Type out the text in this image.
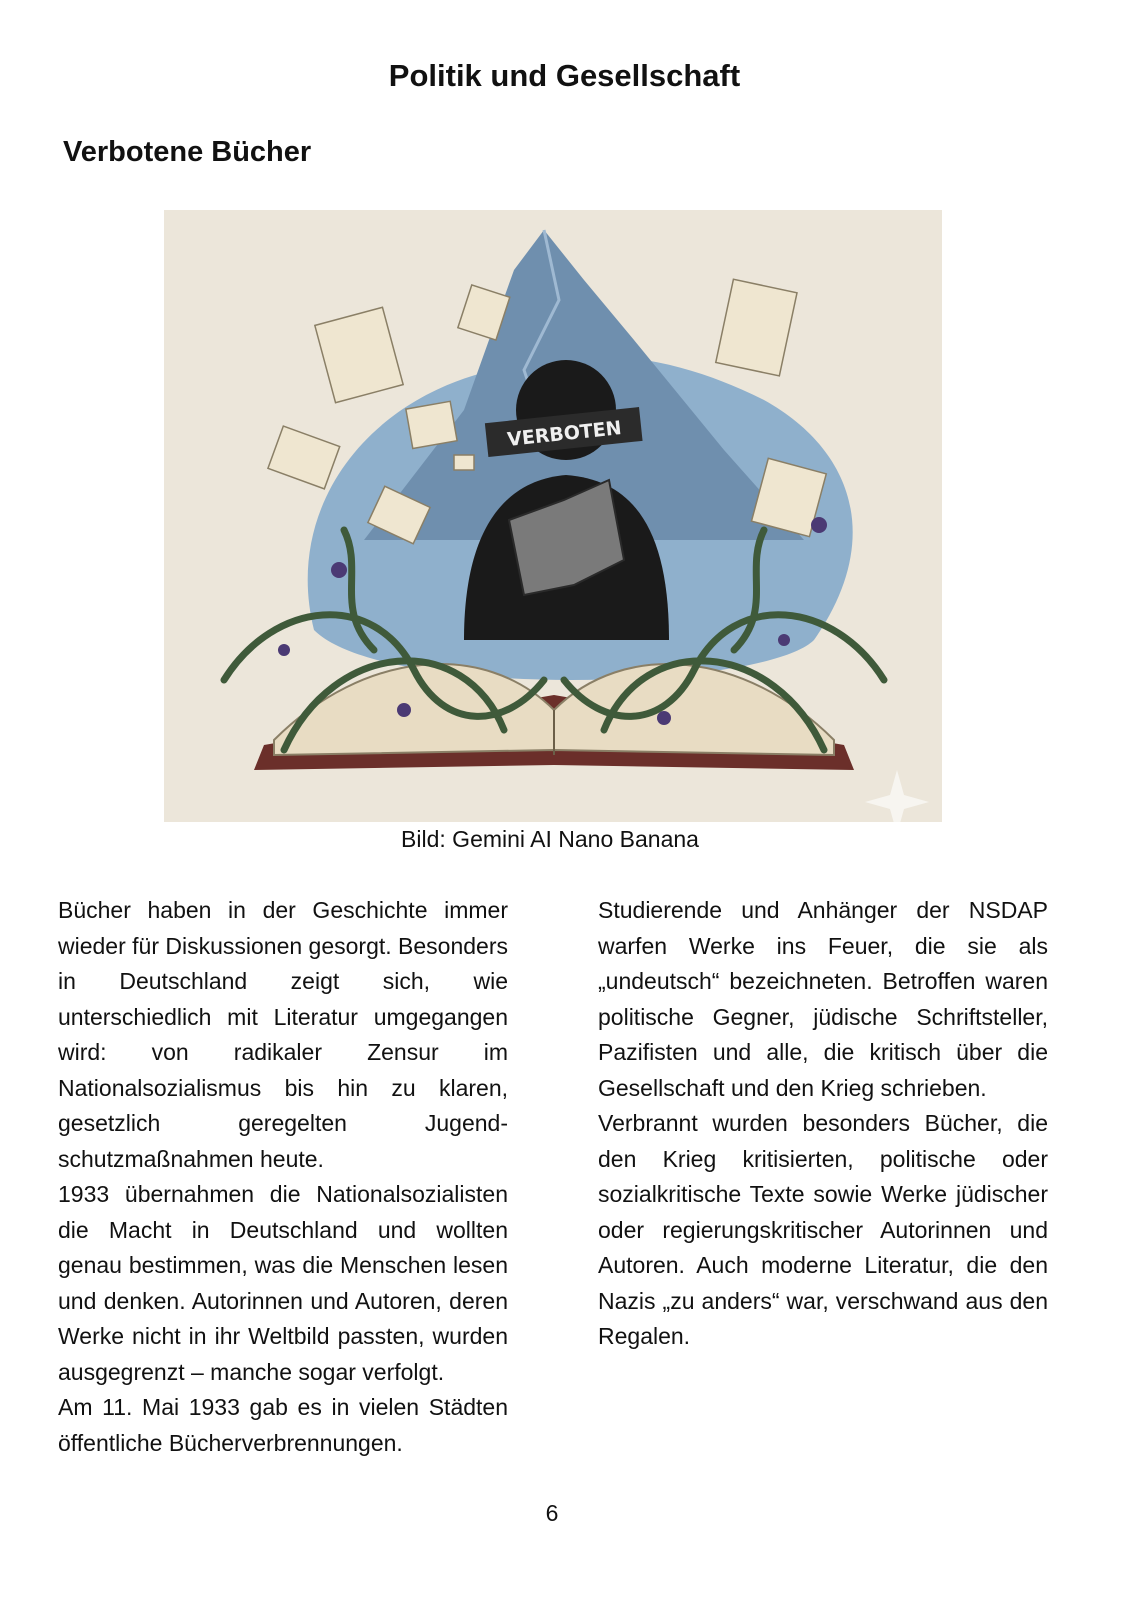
Politik und Gesellschaft
Verbotene Bücher
VERBOTEN

Bild: Gemini AI Nano Banana

Bücher haben in der Geschichte immer wieder für Diskussionen gesorgt. Besonders in Deutschland zeigt sich, wie unterschiedlich mit Literatur umgegangen wird: von radikaler Zensur im Nationalsozialismus bis hin zu klaren, gesetzlich geregelten Jugendschutzmaßnahmen heute.

1933 übernahmen die Nationalsozialisten die Macht in Deutschland und wollten genau bestimmen, was die Menschen lesen und denken. Autorinnen und Autoren, deren Werke nicht in ihr Weltbild passten, wurden ausgegrenzt – manche sogar verfolgt.

Am 11. Mai 1933 gab es in vielen Städten öffentliche Bücherverbrennungen.

Studierende und Anhänger der NSDAP warfen Werke ins Feuer, die sie als „undeutsch“ bezeichneten. Betroffen waren politische Gegner, jüdische Schriftsteller, Pazifisten und alle, die kritisch über die Gesellschaft und den Krieg schrieben.

Verbrannt wurden besonders Bücher, die den Krieg kritisierten, politische oder sozialkritische Texte sowie Werke jüdischer oder regierungskritischer Autorinnen und Autoren. Auch moderne Literatur, die den Nazis „zu anders“ war, verschwand aus den Regalen.

6
